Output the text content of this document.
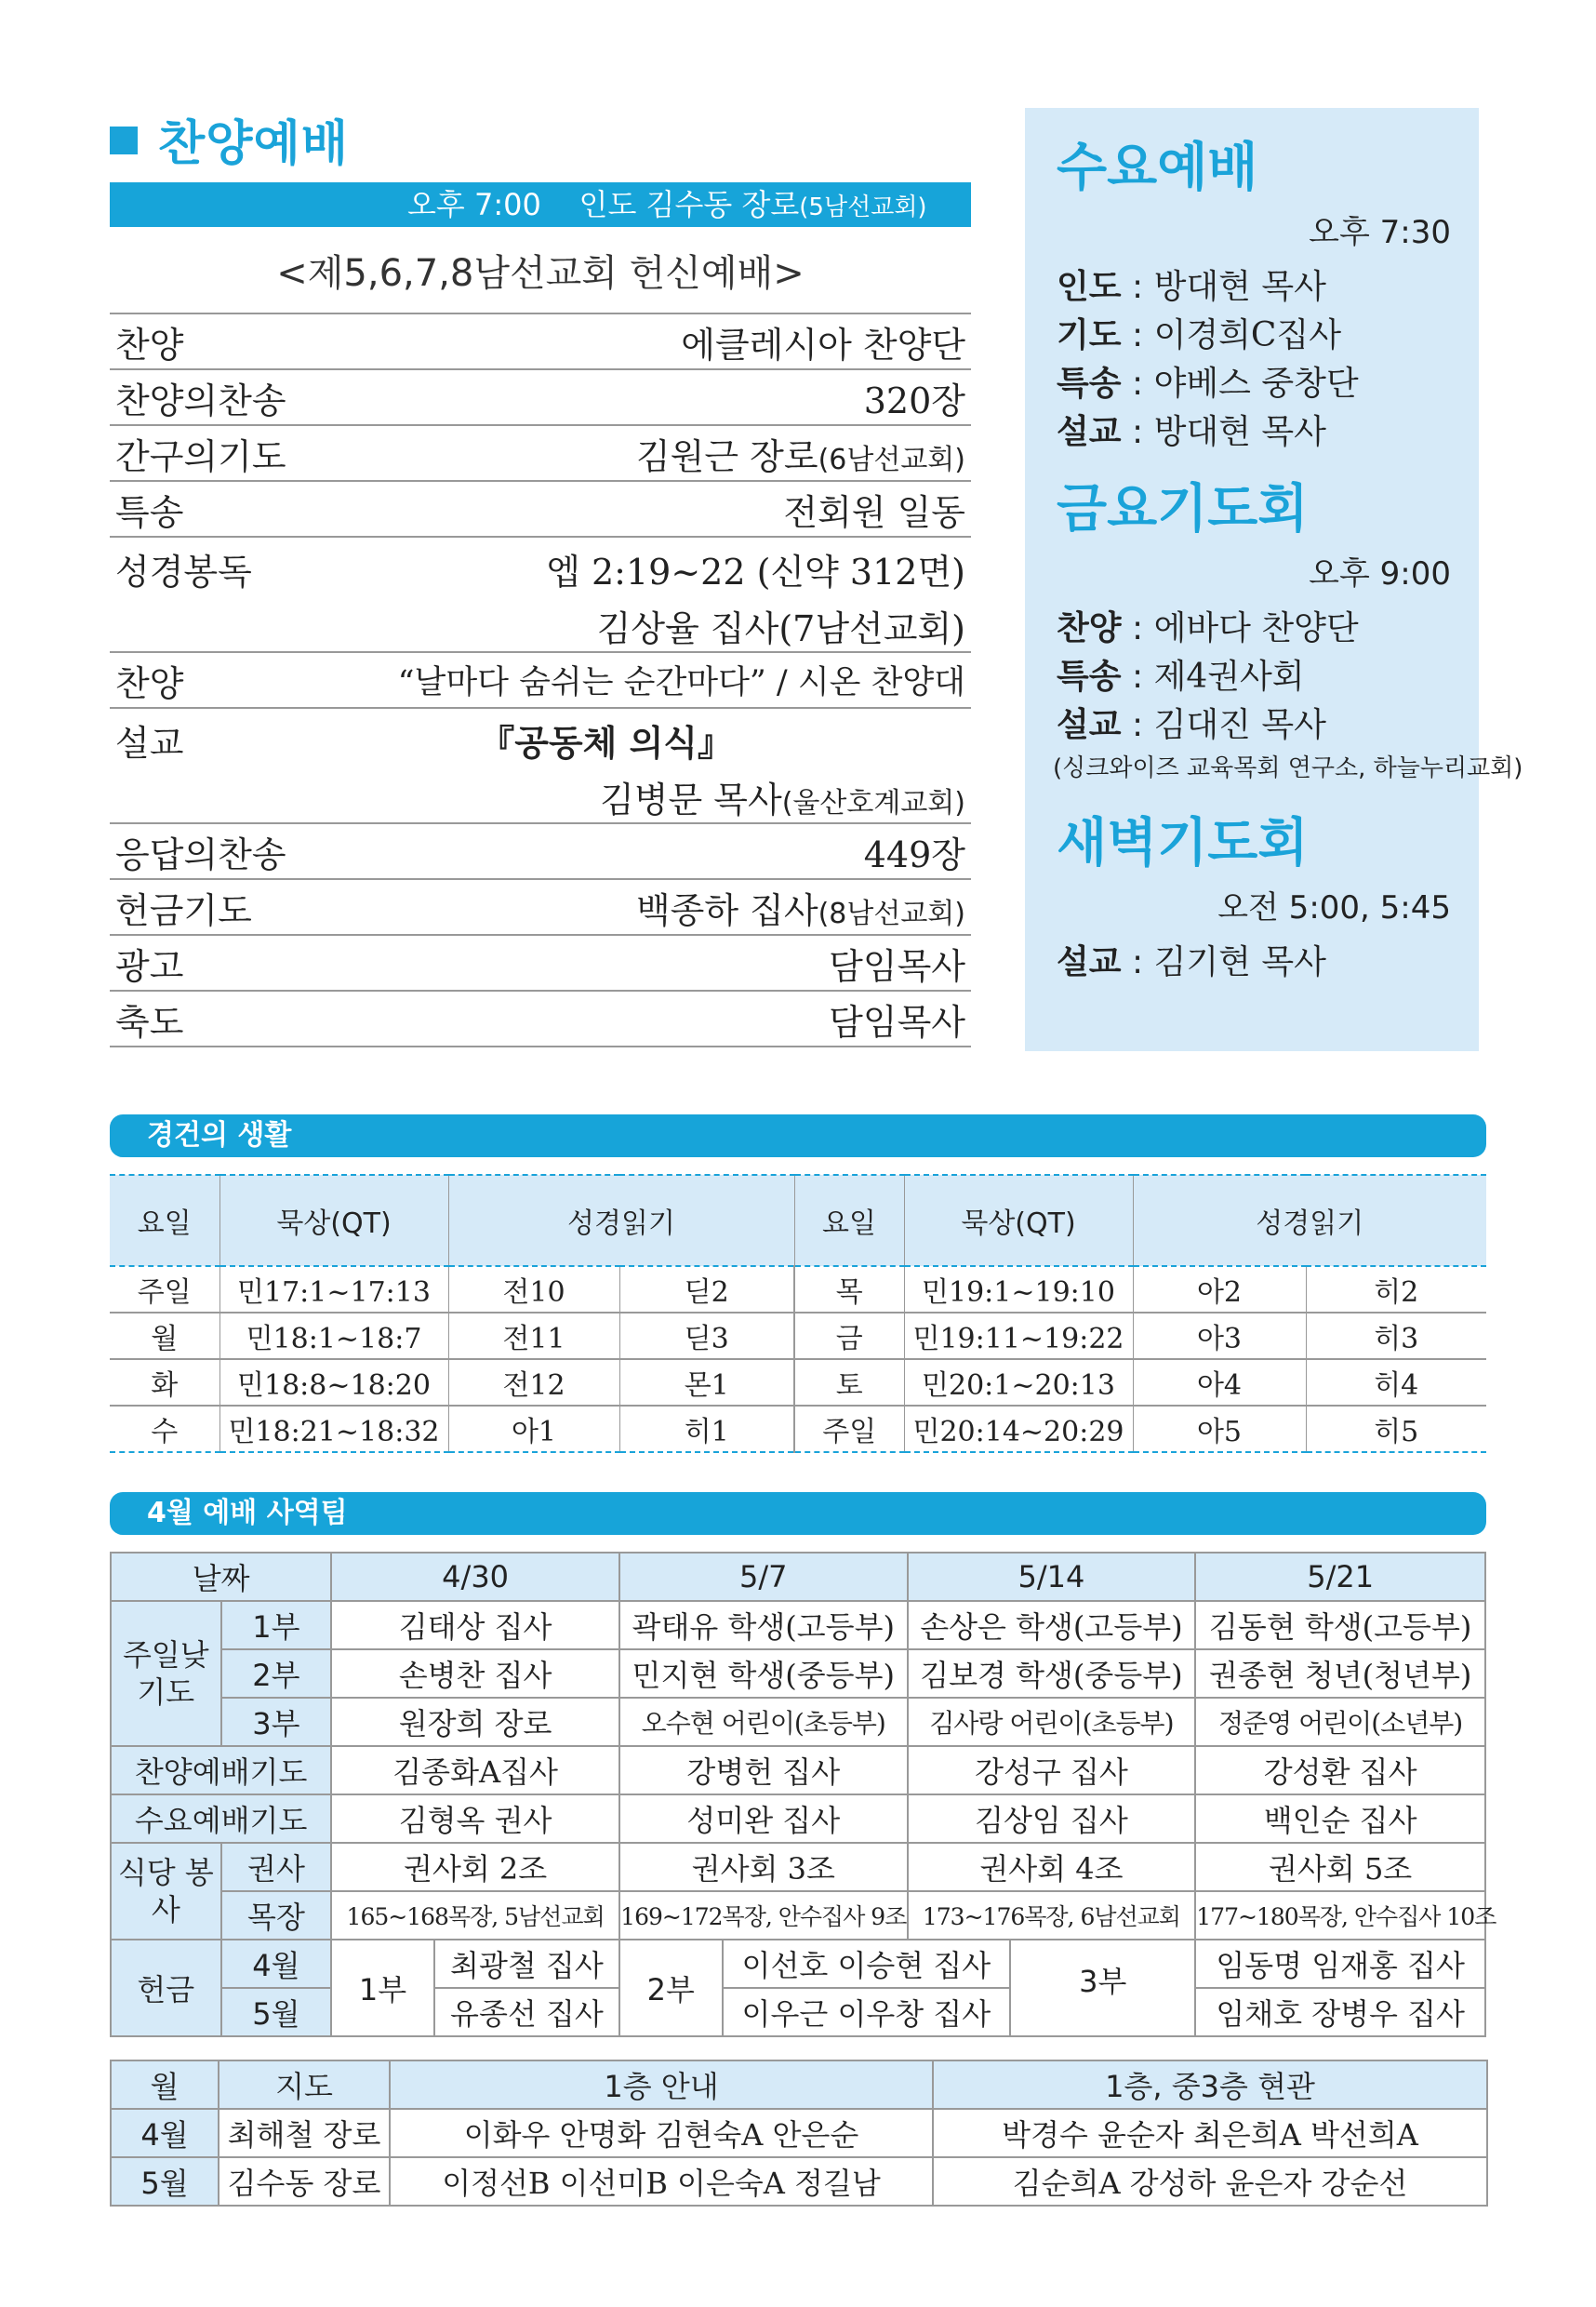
찬양예배
오후 7:00 인도 김수동 장로(5남선교회)
<제5,6,7,8남선교회 헌신예배>
찬양	에클레시아 찬양단
찬양의찬송	320장
간구의기도	김원근 장로(6남선교회)
특송	전회원 일동
성경봉독	엡 2:19~22 (신약 312면)
김상율 집사(7남선교회)
찬양	“날마다 숨쉬는 순간마다” / 시온 찬양대
설교	『공동체 의식』
김병문 목사(울산호계교회)
응답의찬송	449장
헌금기도	백종하 집사(8남선교회)
광고	담임목사
축도	담임목사
수요예배
오후 7:30
인도 : 방대현 목사
기도 : 이경희C집사
특송 : 야베스 중창단
설교 : 방대현 목사
금요기도회
오후 9:00
찬양 : 에바다 찬양단
특송 : 제4권사회
설교 : 김대진 목사
(싱크와이즈 교육목회 연구소, 하늘누리교회)
새벽기도회
오전 5:00, 5:45
설교 : 김기현 목사
경건의 생활
요일	묵상(QT)	성경읽기		요일	묵상(QT)	성경읽기	
주일	민17:1~17:13	전10	딛2	목	민19:1~19:10	아2	히2
월	민18:1~18:7	전11	딛3	금	민19:11~19:22	아3	히3
화	민18:8~18:20	전12	몬1	토	민20:1~20:13	아4	히4
수	민18:21~18:32	아1	히1	주일	민20:14~20:29	아5	히5
4월 예배 사역팀
날짜		4/30		5/7		5/14		5/21
주일낮 기도	1부	김태상 집사		곽태유 학생(고등부)		손상은 학생(고등부)		김동현 학생(고등부)
	2부	손병찬 집사		민지현 학생(중등부)		김보경 학생(중등부)		권종현 청년(청년부)
	3부	원장희 장로		오수현 어린이(초등부)		김사랑 어린이(초등부)		정준영 어린이(소년부)
찬양예배기도		김종화A집사		강병헌 집사		강성구 집사		강성환 집사
수요예배기도		김형옥 권사		성미완 집사		김상임 집사		백인순 집사
식당 봉사	권사	권사회 2조		권사회 3조		권사회 4조		권사회 5조
	목장	165~168목장, 5남선교회		169~172목장, 안수집사 9조		173~176목장, 6남선교회		177~180목장, 안수집사 10조
헌금	4월	1부	최광철 집사	2부	이선호 이승현 집사			임동명 임재홍 집사
	5월		유종선 집사		이우근 이우창 집사		3부	임채호 장병우 집사
월	지도	1층 안내	1층, 중3층 현관
4월	최해철 장로	이화우 안명화 김현숙A 안은순	박경수 윤순자 최은희A 박선희A
5월	김수동 장로	이정선B 이선미B 이은숙A 정길남	김순희A 강성하 윤은자 강순선
